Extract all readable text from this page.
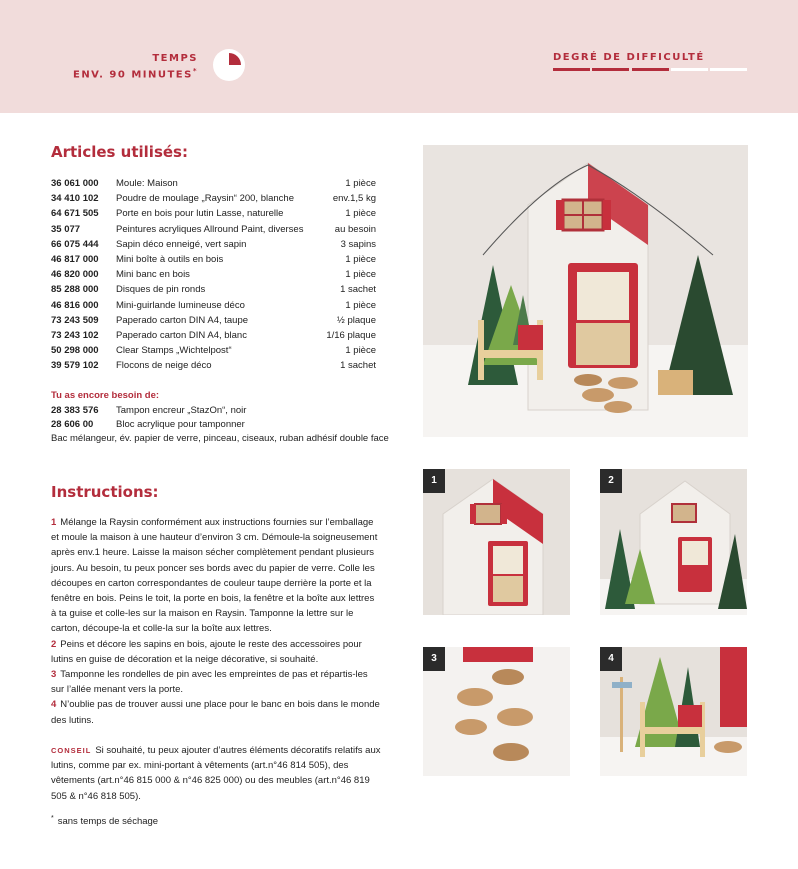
TEMPS
ENV. 90 MINUTES*
DEGRÉ DE DIFFICULTÉ
Articles utilisés:
36 061 000 Moule: Maison	1 pièce
34 410 102 Poudre de moulage „Raysin“ 200, blanche	env.1,5 kg
64 671 505 Porte en bois pour lutin Lasse, naturelle	1 pièce
35 077	Peintures acryliques Allround Paint, diverses	au besoin
66 075 444 Sapin déco enneigé, vert sapin	3 sapins
46 817 000 Mini boîte à outils en bois	1 pièce
46 820 000 Mini banc en bois	1 pièce
85 288 000 Disques de pin ronds	1 sachet
46 816 000 Mini-guirlande lumineuse déco	1 pièce
73 243 509 Paperado carton DIN A4, taupe	½ plaque
73 243 102 Paperado carton DIN A4, blanc	1/16 plaque
50 298 000 Clear Stamps „Wichtelpost“	1 pièce
39 579 102 Flocons de neige déco	1 sachet
Tu as encore besoin de:
28 383 576 Tampon encreur „StazOn“, noir
28 606 00 Bloc acrylique pour tamponner
Bac mélangeur, év. papier de verre, pinceau, ciseaux, ruban adhésif double face
Instructions:

1 Mélange la Raysin conformément aux instructions fournies sur l’emballage et moule la maison à une hauteur d’environ 3 cm. Démoule-la soigneusement après env.1 heure. Laisse la maison sécher complètement pendant plusieurs jours. Au besoin, tu peux poncer ses bords avec du papier de verre. Colle les découpes en carton correspondantes de couleur taupe derrière la porte et la fenêtre en bois. Peins le toit, la porte en bois, la fenêtre et la boîte aux lettres à ta guise et colle-les sur la maison en Raysin. Tamponne la lettre sur le carton, découpe-la et colle-la sur la boîte aux lettres.

2 Peins et décore les sapins en bois, ajoute le reste des accessoires pour lutins en guise de décoration et la neige décorative, si souhaité.

3 Tamponne les rondelles de pin avec les empreintes de pas et répartis-les sur l’allée menant vers la porte.

4 N’oublie pas de trouver aussi une place pour le banc en bois dans le monde des lutins.

CONSEIL Si souhaité, tu peux ajouter d’autres éléments décoratifs relatifs aux lutins, comme par ex. mini-portant à vêtements (art.n°46 814 505), des vêtements (art.n°46 815 000 & n°46 825 000) ou des meubles (art.n°46 819 505 & n°46 818 505).
* sans temps de séchage
1	2
3	4
